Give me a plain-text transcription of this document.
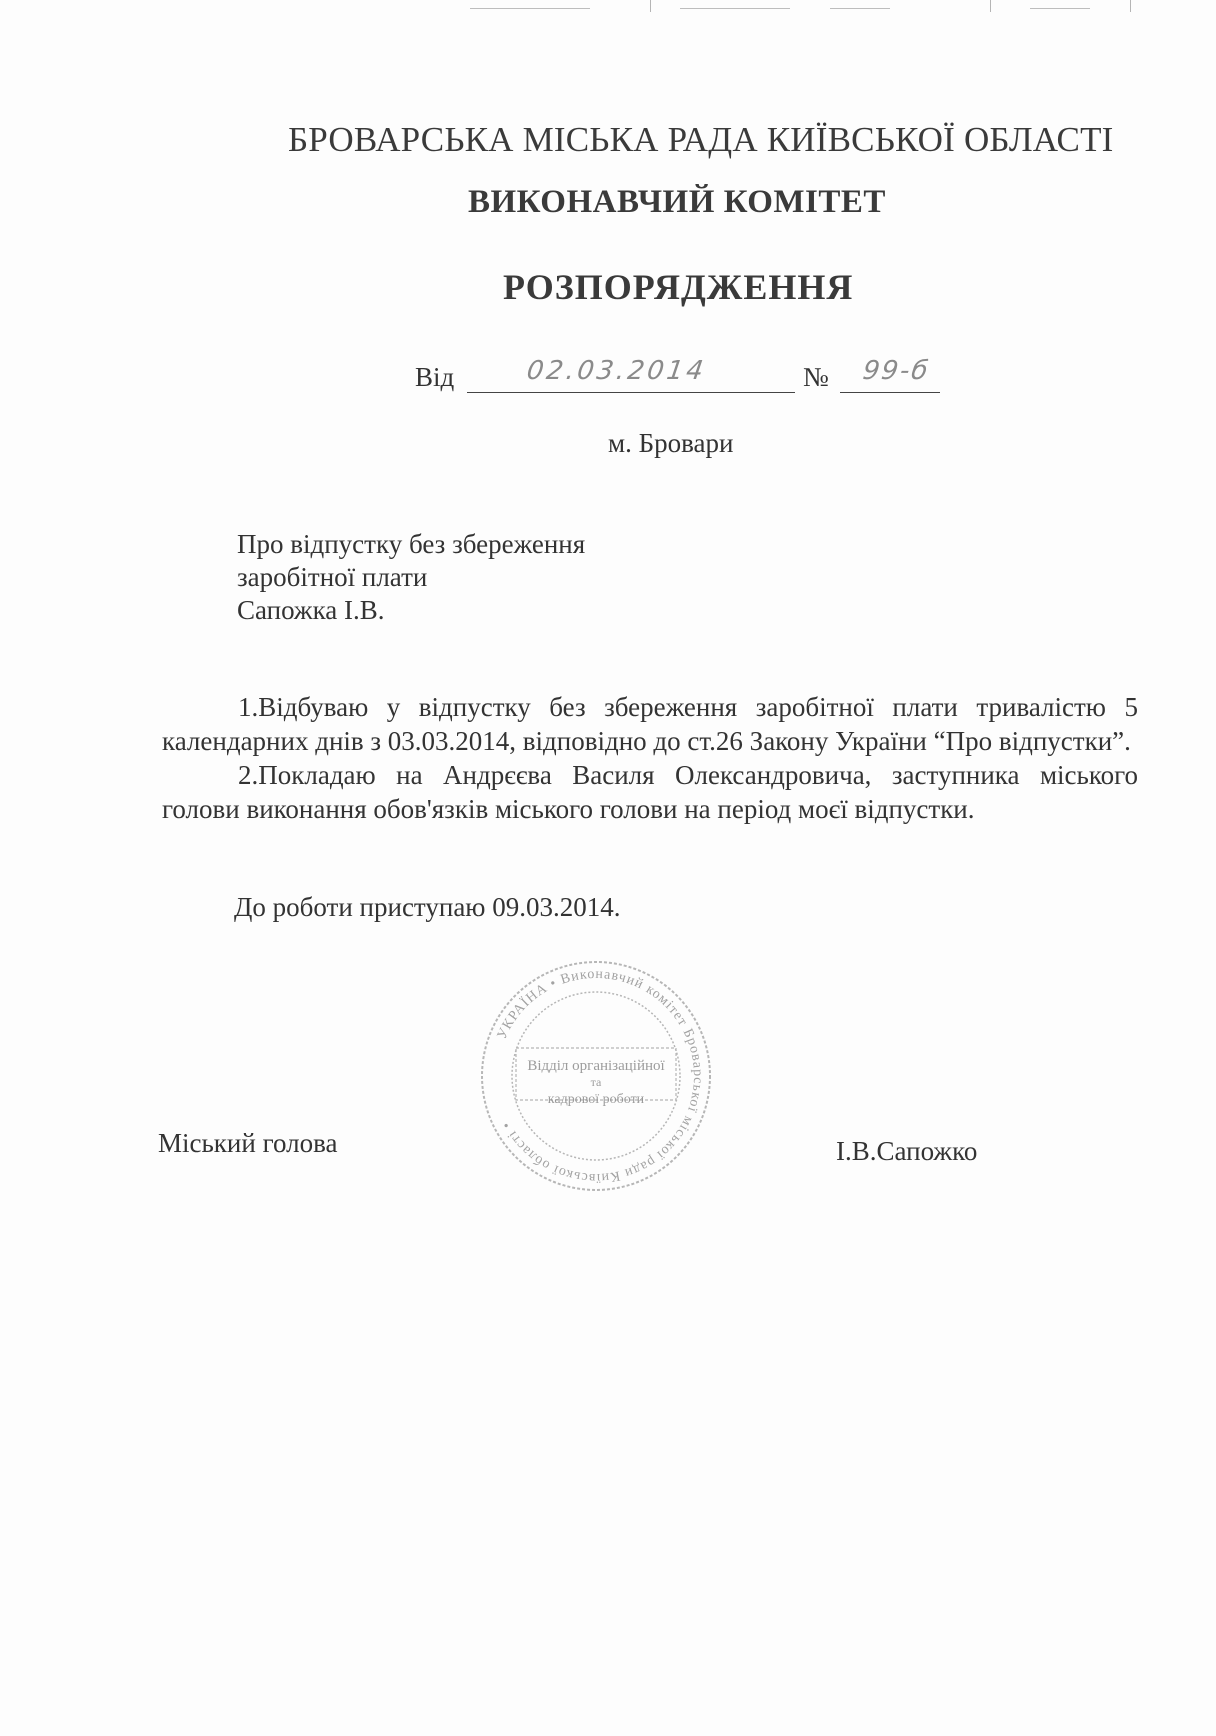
БРОВАРСЬКА МІСЬКА РАДА КИЇВСЬКОЇ ОБЛАСТІ
ВИКОНАВЧИЙ КОМІТЕТ
РОЗПОРЯДЖЕННЯ
Від	02.03.2014	№ 99-б
м. Бровари
Про відпустку без збереження
заробітної плати
Сапожка І.В.

1.Відбуваю у відпустку без збереження заробітної плати тривалістю 5 календарних днів з 03.03.2014, відповідно до ст.26 Закону України “Про відпустки”.

2.Покладаю на Андрєєва Василя Олександровича, заступника міського голови виконання обов'язків міського голови на період моєї відпустки.

До роботи приступаю 09.03.2014.
УКРАЇНА • Виконавчий комітет Броварської міської ради Київської області •
Відділ організаційної
та
кадрової роботи
Міський голова	І.В.Сапожко
